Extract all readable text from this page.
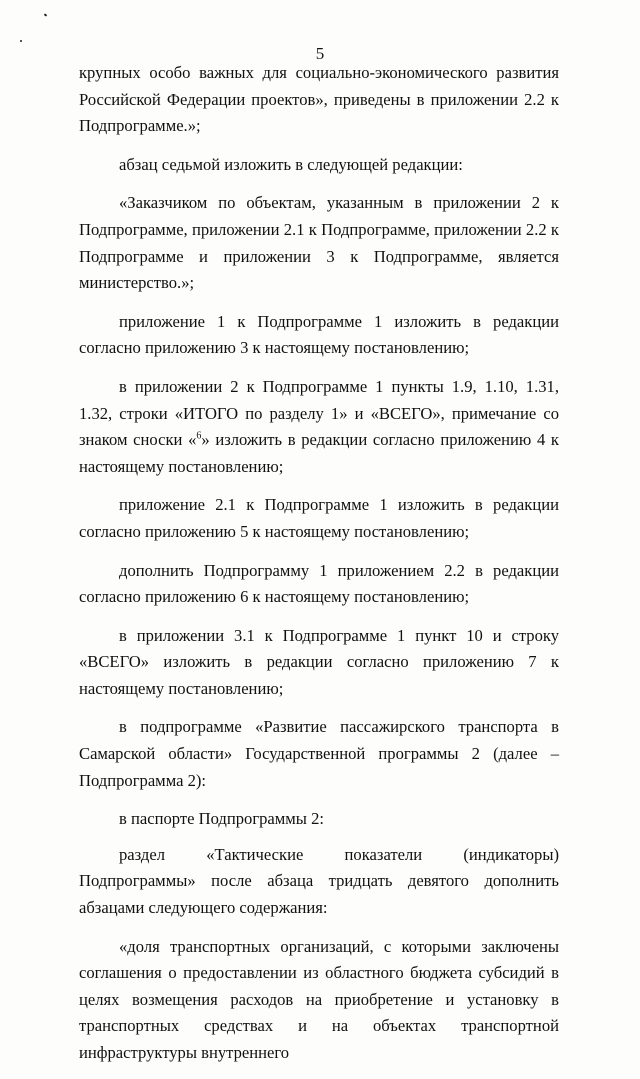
5

крупных особо важных для социально-экономического развития Российской Федерации проектов», приведены в приложении 2.2 к Подпрограмме.»;

абзац седьмой изложить в следующей редакции:

«Заказчиком по объектам, указанным в приложении 2 к Подпрограмме, приложении 2.1 к Подпрограмме, приложении 2.2 к Подпрограмме и приложении 3 к Подпрограмме, является министерство.»;

приложение 1 к Подпрограмме 1 изложить в редакции согласно приложению 3 к настоящему постановлению;

в приложении 2 к Подпрограмме 1 пункты 1.9, 1.10, 1.31, 1.32, строки «ИТОГО по разделу 1» и «ВСЕГО», примечание со знаком сноски «$^6$» изложить в редакции согласно приложению 4 к настоящему постановлению;

приложение 2.1 к Подпрограмме 1 изложить в редакции согласно приложению 5 к настоящему постановлению;

дополнить Подпрограмму 1 приложением 2.2 в редакции согласно приложению 6 к настоящему постановлению;

в приложении 3.1 к Подпрограмме 1 пункт 10 и строку «ВСЕГО» изложить в редакции согласно приложению 7 к настоящему постановлению;

в подпрограмме «Развитие пассажирского транспорта в Самарской области» Государственной программы 2 (далее – Подпрограмма 2):

в паспорте Подпрограммы 2:

раздел «Тактические показатели (индикаторы) Подпрограммы» после абзаца тридцать девятого дополнить абзацами следующего содержания:

«доля транспортных организаций, с которыми заключены соглашения о предоставлении из областного бюджета субсидий в целях возмещения расходов на приобретение и установку в транспортных средствах и на объектах транспортной инфраструктуры внутреннего
